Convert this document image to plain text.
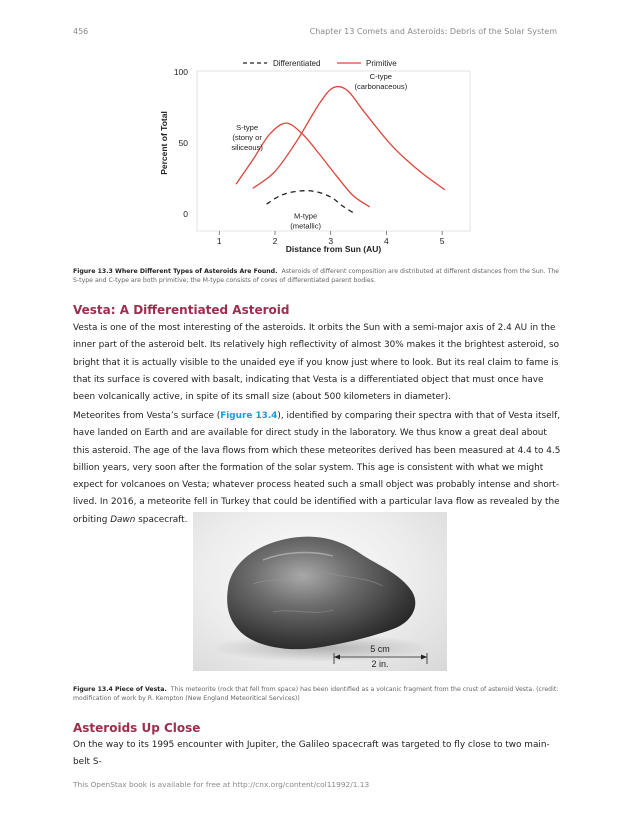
456	Chapter 13 Comets and Asteroids: Debris of the Solar System
1	2	3	4	5
0
50
100
Distance from Sun (AU)
Percent of Total
Differentiated	Primitive
C-type (carbonaceous)
S-type (stony or siliceous)
M-type (metallic)

Figure 13.3 Where Different Types of Asteroids Are Found. Asteroids of different composition are distributed at different distances from the Sun. The S-type and C-type are both primitive; the M-type consists of cores of differentiated parent bodies.

Vesta: A Differentiated Asteroid

Vesta is one of the most interesting of the asteroids. It orbits the Sun with a semi-major axis of 2.4 AU in the inner part of the asteroid belt. Its relatively high reflectivity of almost 30% makes it the brightest asteroid, so bright that it is actually visible to the unaided eye if you know just where to look. But its real claim to fame is that its surface is covered with basalt, indicating that Vesta is a differentiated object that must once have been volcanically active, in spite of its small size (about 500 kilometers in diameter).

Meteorites from Vesta’s surface (Figure 13.4), identified by comparing their spectra with that of Vesta itself, have landed on Earth and are available for direct study in the laboratory. We thus know a great deal about this asteroid. The age of the lava flows from which these meteorites derived has been measured at 4.4 to 4.5 billion years, very soon after the formation of the solar system. This age is consistent with what we might expect for volcanoes on Vesta; whatever process heated such a small object was probably intense and short-lived. In 2016, a meteorite fell in Turkey that could be identified with a particular lava flow as revealed by the orbiting Dawn spacecraft.

5 cm
2 in.

Figure 13.4 Piece of Vesta. This meteorite (rock that fell from space) has been identified as a volcanic fragment from the crust of asteroid Vesta. (credit: modification of work by R. Kempton (New England Meteoritical Services))

Asteroids Up Close

On the way to its 1995 encounter with Jupiter, the Galileo spacecraft was targeted to fly close to two main-belt S-

This OpenStax book is available for free at http://cnx.org/content/col11992/1.13
